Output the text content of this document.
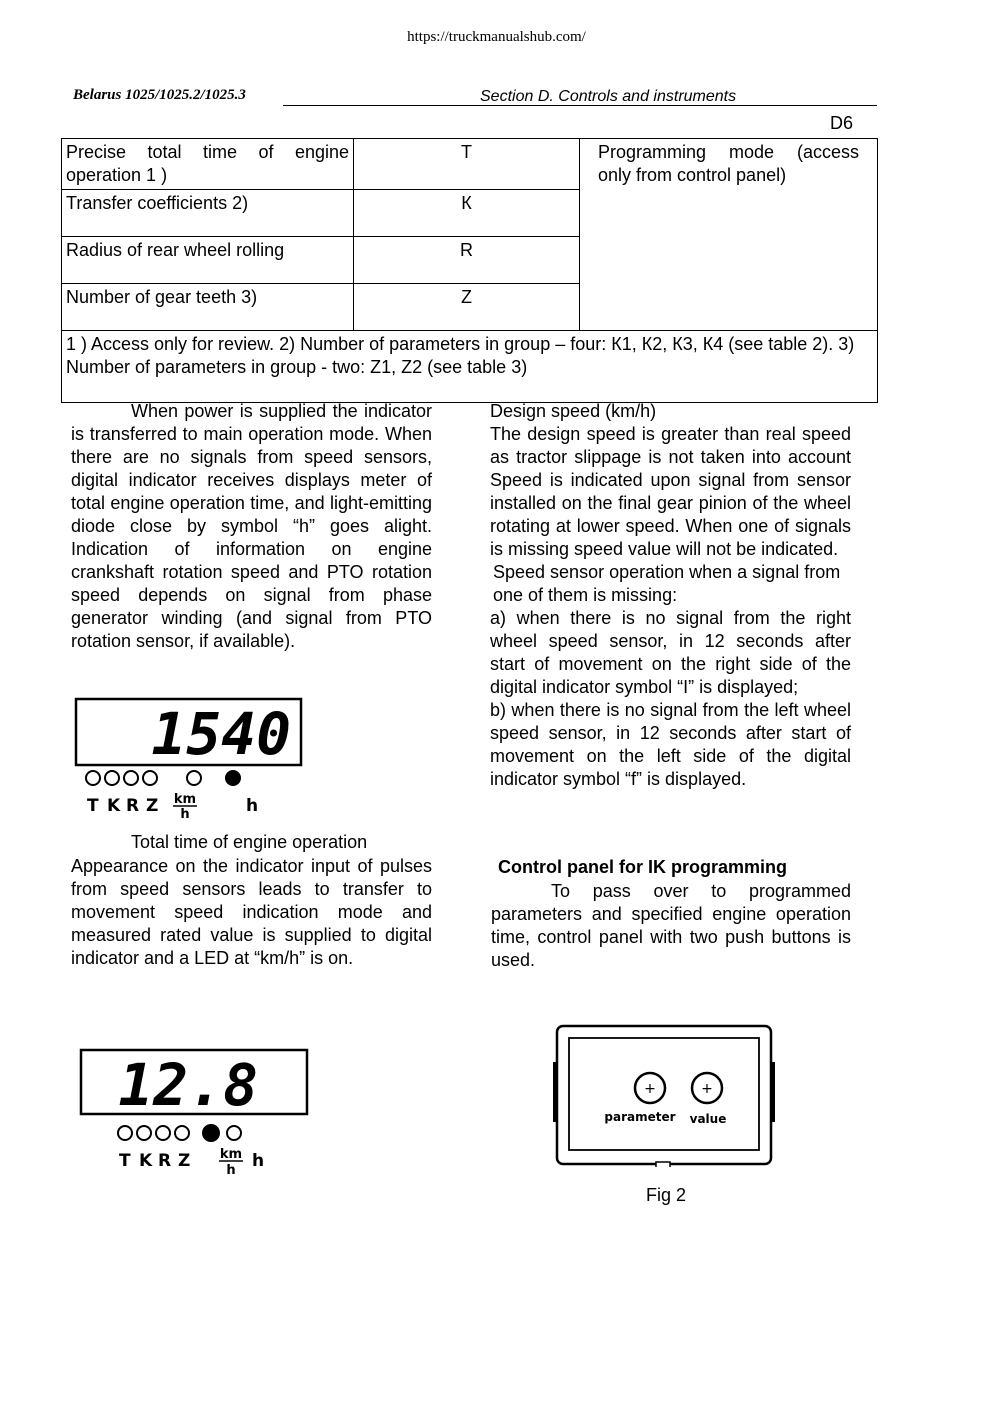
https://truckmanualshub.com/
Belarus 1025/1025.2/1025.3	Section D. Controls and instruments
D6
Precise total time of engine operation 1 )	T	Programming mode (access only from control panel)
Transfer coefficients 2)	К	
Radius of rear wheel rolling	R	
Number of gear teeth 3)	Z	
1 ) Access only for review. 2) Number of parameters in group – four: К1, К2, К3, К4 (see table 2). 3) Number of parameters in group - two: Z1, Z2 (see table 3)		

When power is supplied the indicator is transferred to main operation mode. When there are no signals from speed sensors, digital indicator receives displays meter of total engine operation time, and light-emitting diode close by symbol “h” goes alight. Indication of information on engine crankshaft rotation speed and PTO rotation speed depends on signal from phase generator winding (and signal from PTO rotation sensor, if available).

1540
T K R Z km
h	h
Total time of engine operation

Appearance on the indicator input of pulses from speed sensors leads to transfer to movement speed indication mode and measured rated value is supplied to digital indicator and a LED at “km/h” is on.

12.8
T K R Z km
h h

Design speed (km/h)

The design speed is greater than real speed as tractor slippage is not taken into account Speed is indicated upon signal from sensor installed on the final gear pinion of the wheel rotating at lower speed. When one of signals is missing speed value will not be indicated.

Speed sensor operation when a signal from one of them is missing:

a) when there is no signal from the right wheel speed sensor, in 12 seconds after start of movement on the right side of the digital indicator symbol “I” is displayed;

b) when there is no signal from the left wheel speed sensor, in 12 seconds after start of movement on the left side of the digital indicator symbol “f” is displayed.

Control panel for IK programming

To pass over to programmed parameters and specified engine operation time, control panel with two push buttons is used.

+	+
parameter value
Fig 2
